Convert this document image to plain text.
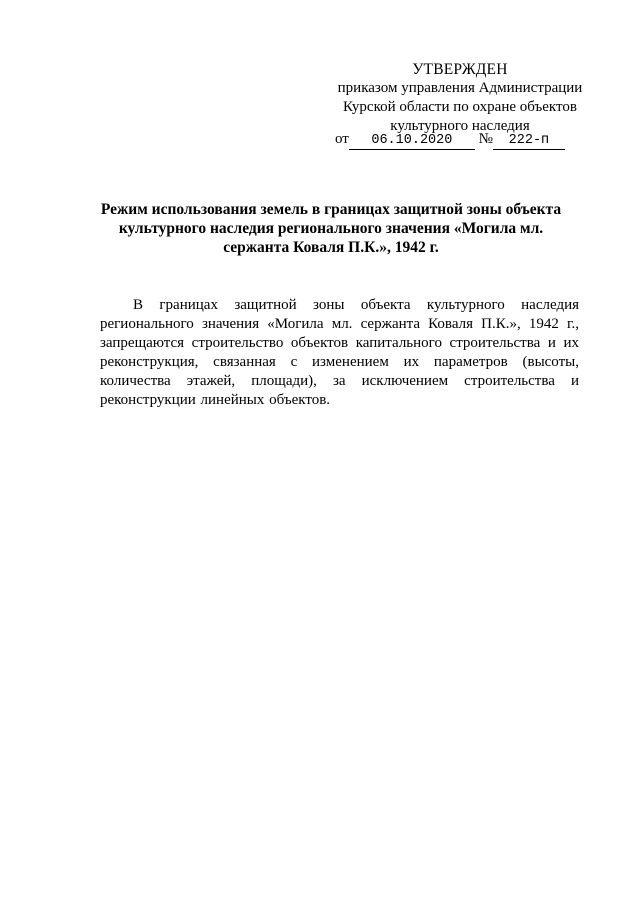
УТВЕРЖДЕН
приказом управления Администрации
Курской области по охране объектов
культурного наследия
от 06.10.2020 № 222-п
Режим использования земель в границах защитной зоны объекта культурного наследия регионального значения «Могила мл. сержанта Коваля П.К.», 1942 г.

В границах защитной зоны объекта культурного наследия регионального значения «Могила мл. сержанта Коваля П.К.», 1942 г., запрещаются строительство объектов капитального строительства и их реконструкция, связанная с изменением их параметров (высоты, количества этажей, площади), за исключением строительства и реконструкции линейных объектов.
